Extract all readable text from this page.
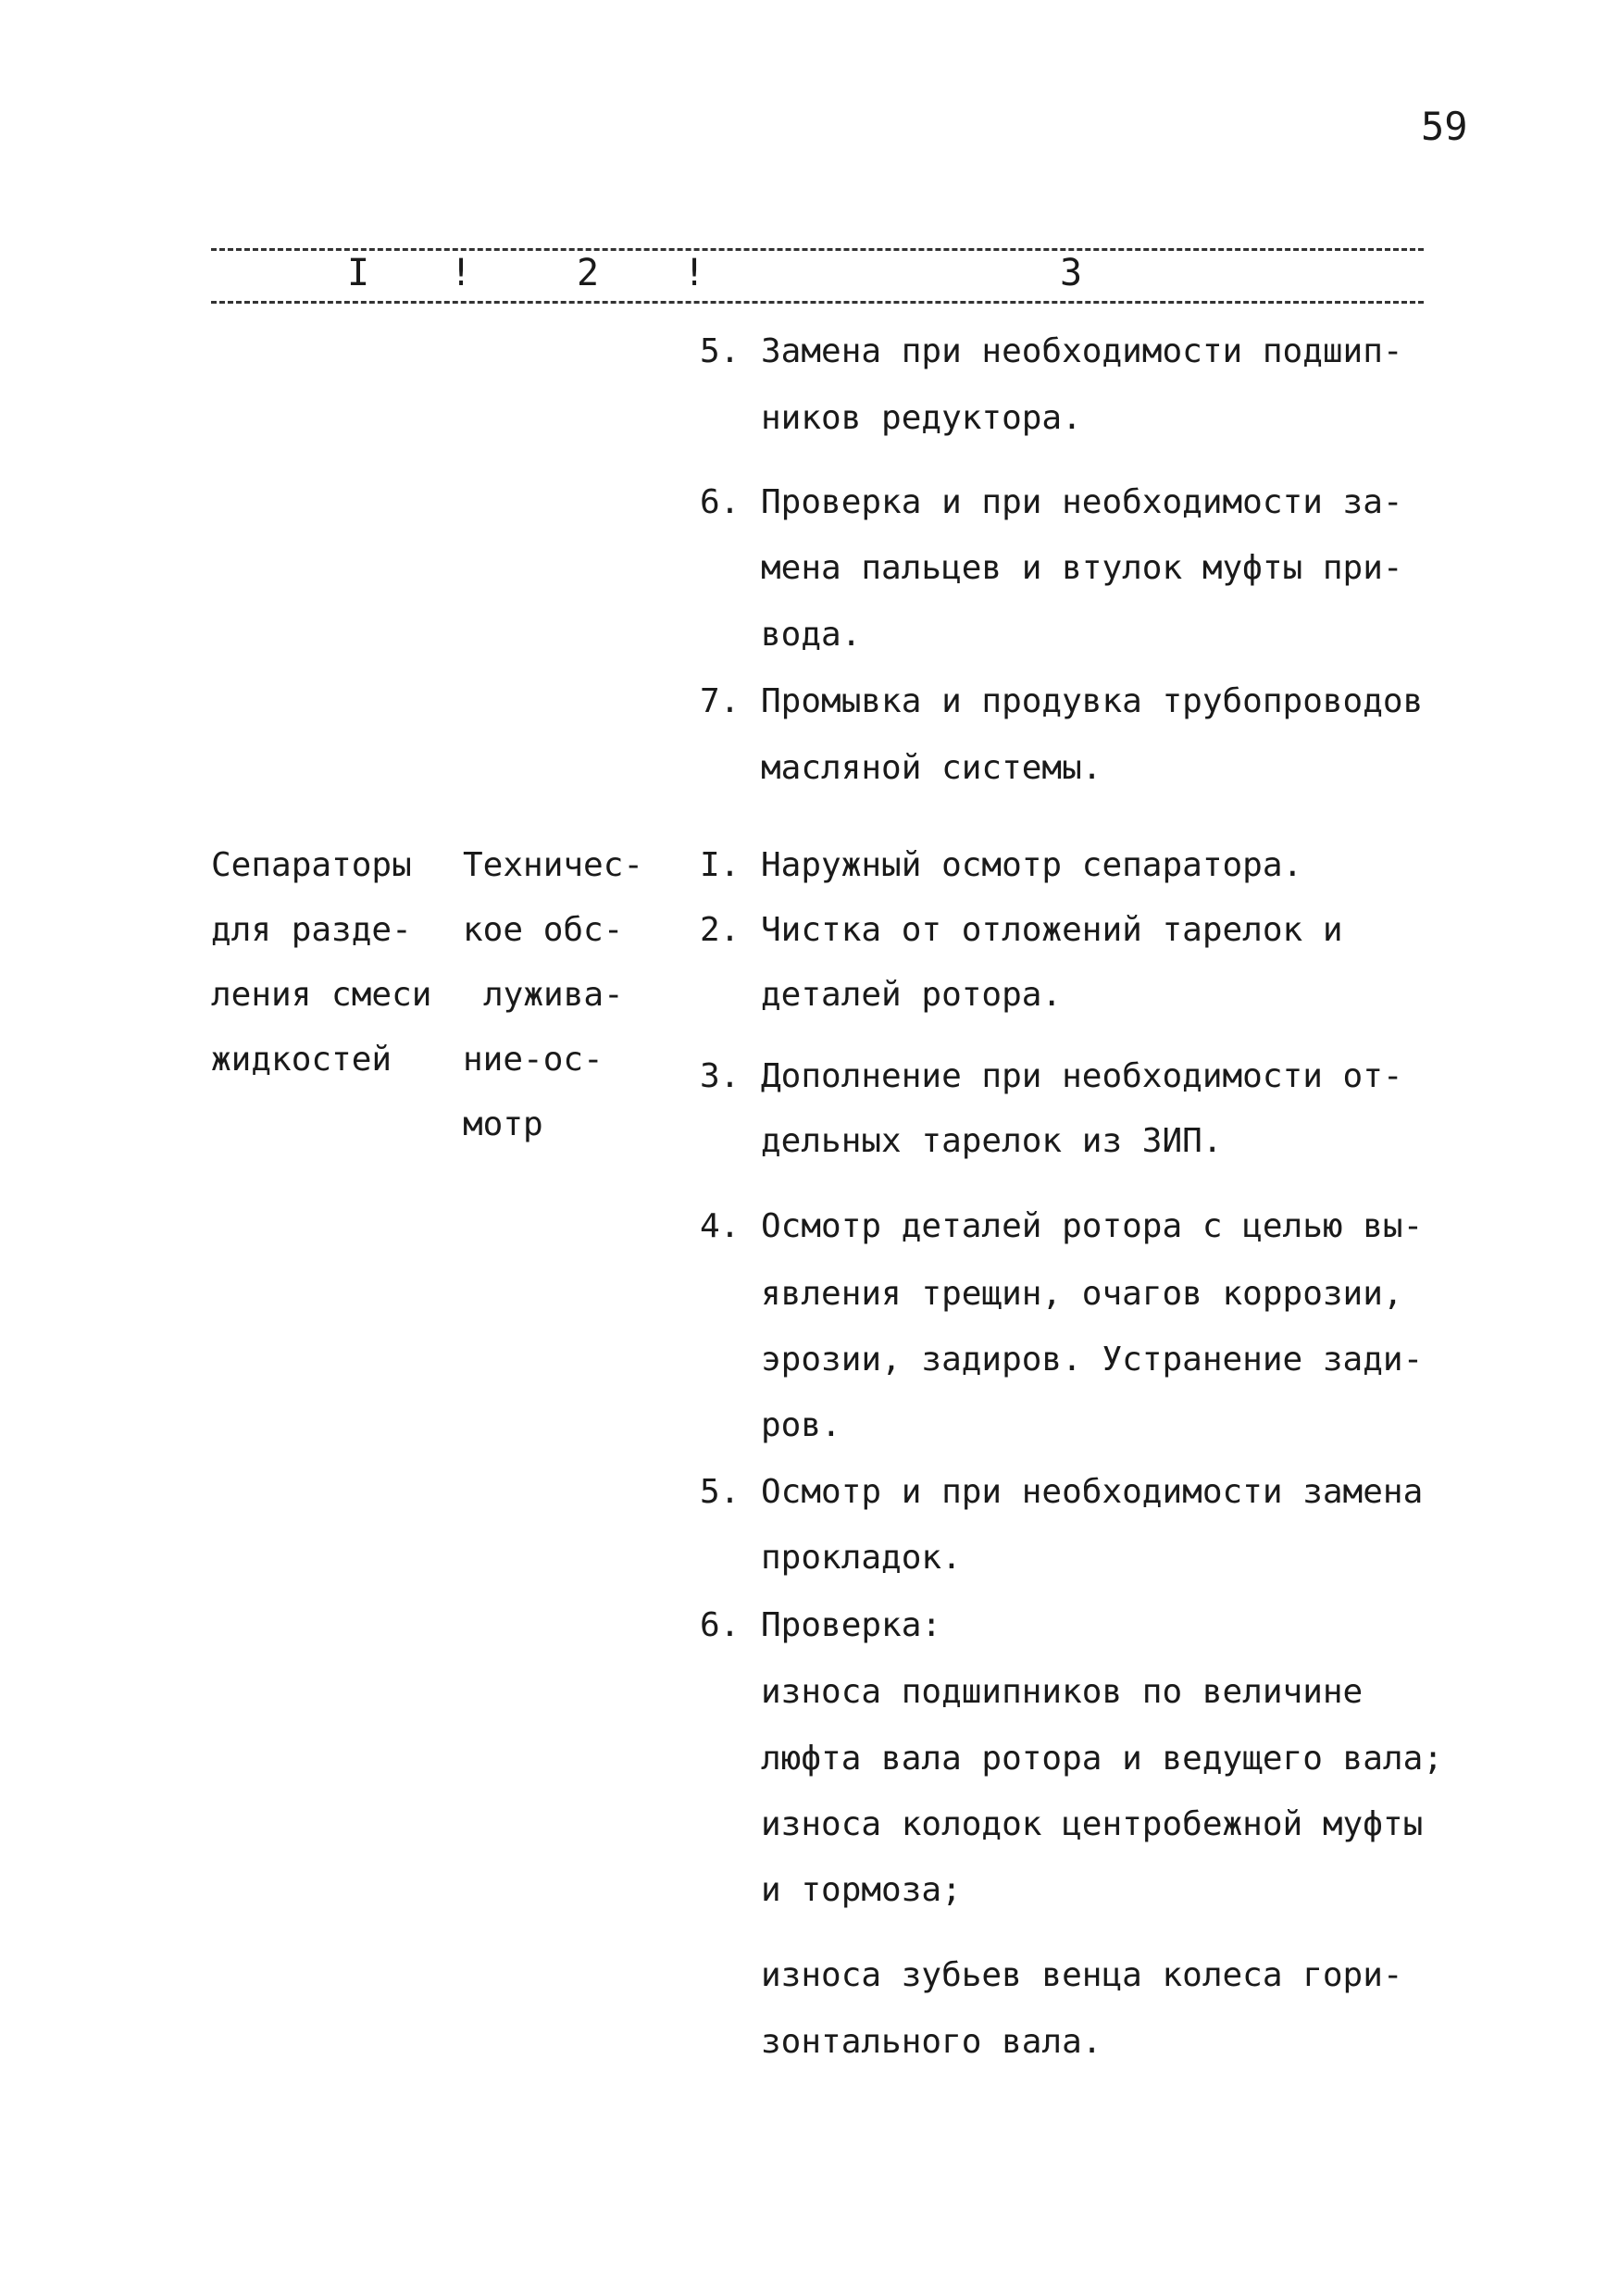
59
I !	2 !	3
5. Замена при необходимости подшип-
ников редуктора.
6. Проверка и при необходимости за-
мена пальцев и втулок муфты при-
вода.
7. Промывка и продувка трубопроводов
масляной системы.
Сепараторы
для разде-
ления смеси
жидкостей
Техничес-
кое обс-
лужива-
ние-ос-
мотр
I. Наружный осмотр сепаратора.
2. Чистка от отложений тарелок и
деталей ротора.
3. Дополнение при необходимости от-
дельных тарелок из ЗИП.
4. Осмотр деталей ротора с целью вы-
явления трещин, очагов коррозии,
эрозии, задиров. Устранение зади-
ров.
5. Осмотр и при необходимости замена
прокладок.
6. Проверка:
износа подшипников по величине
люфта вала ротора и ведущего вала;
износа колодок центробежной муфты
и тормоза;
износа зубьев венца колеса гори-
зонтального вала.
